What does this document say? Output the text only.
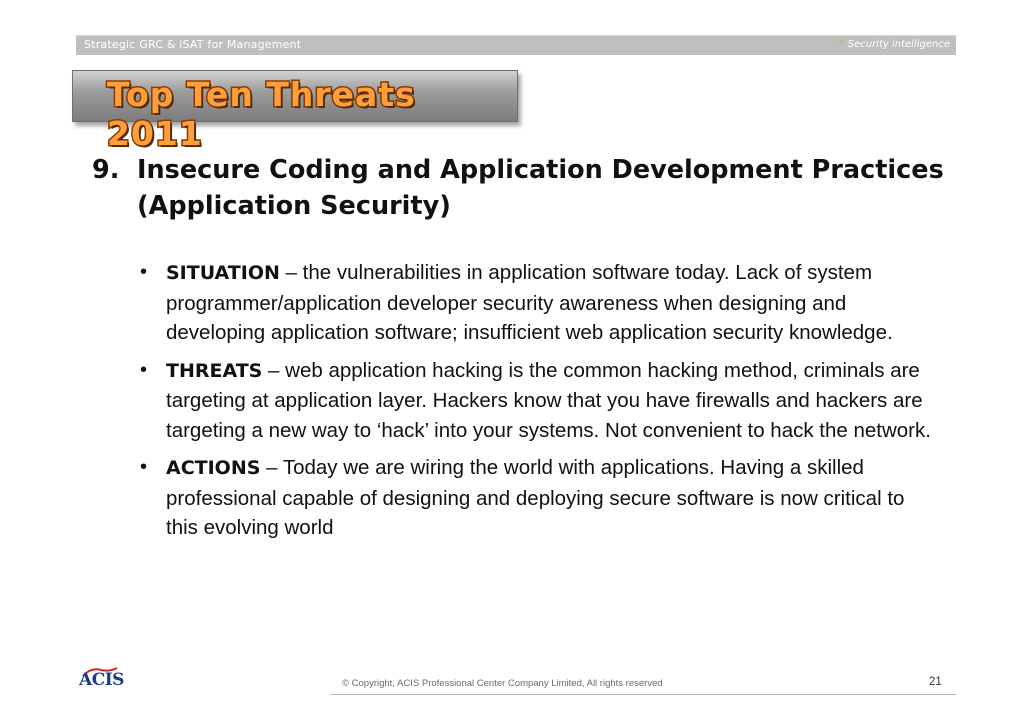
Strategic GRC & iSAT for Management	“ Security intelligence
Top Ten Threats 2011
9. Insecure Coding and Application Development Practices
(Application Security)
• SITUATION – the vulnerabilities in application software today. Lack of system programmer/application developer security awareness when designing and developing application software; insufficient web application security knowledge.
• THREATS – web application hacking is the common hacking method, criminals are targeting at application layer. Hackers know that you have firewalls and hackers are targeting a new way to ‘hack’ into your systems. Not convenient to hack the network.
• ACTIONS – Today we are wiring the world with applications. Having a skilled professional capable of designing and deploying secure software is now critical to this evolving world
ACIS	© Copyright, ACIS Professional Center Company Limited, All rights reserved	21
